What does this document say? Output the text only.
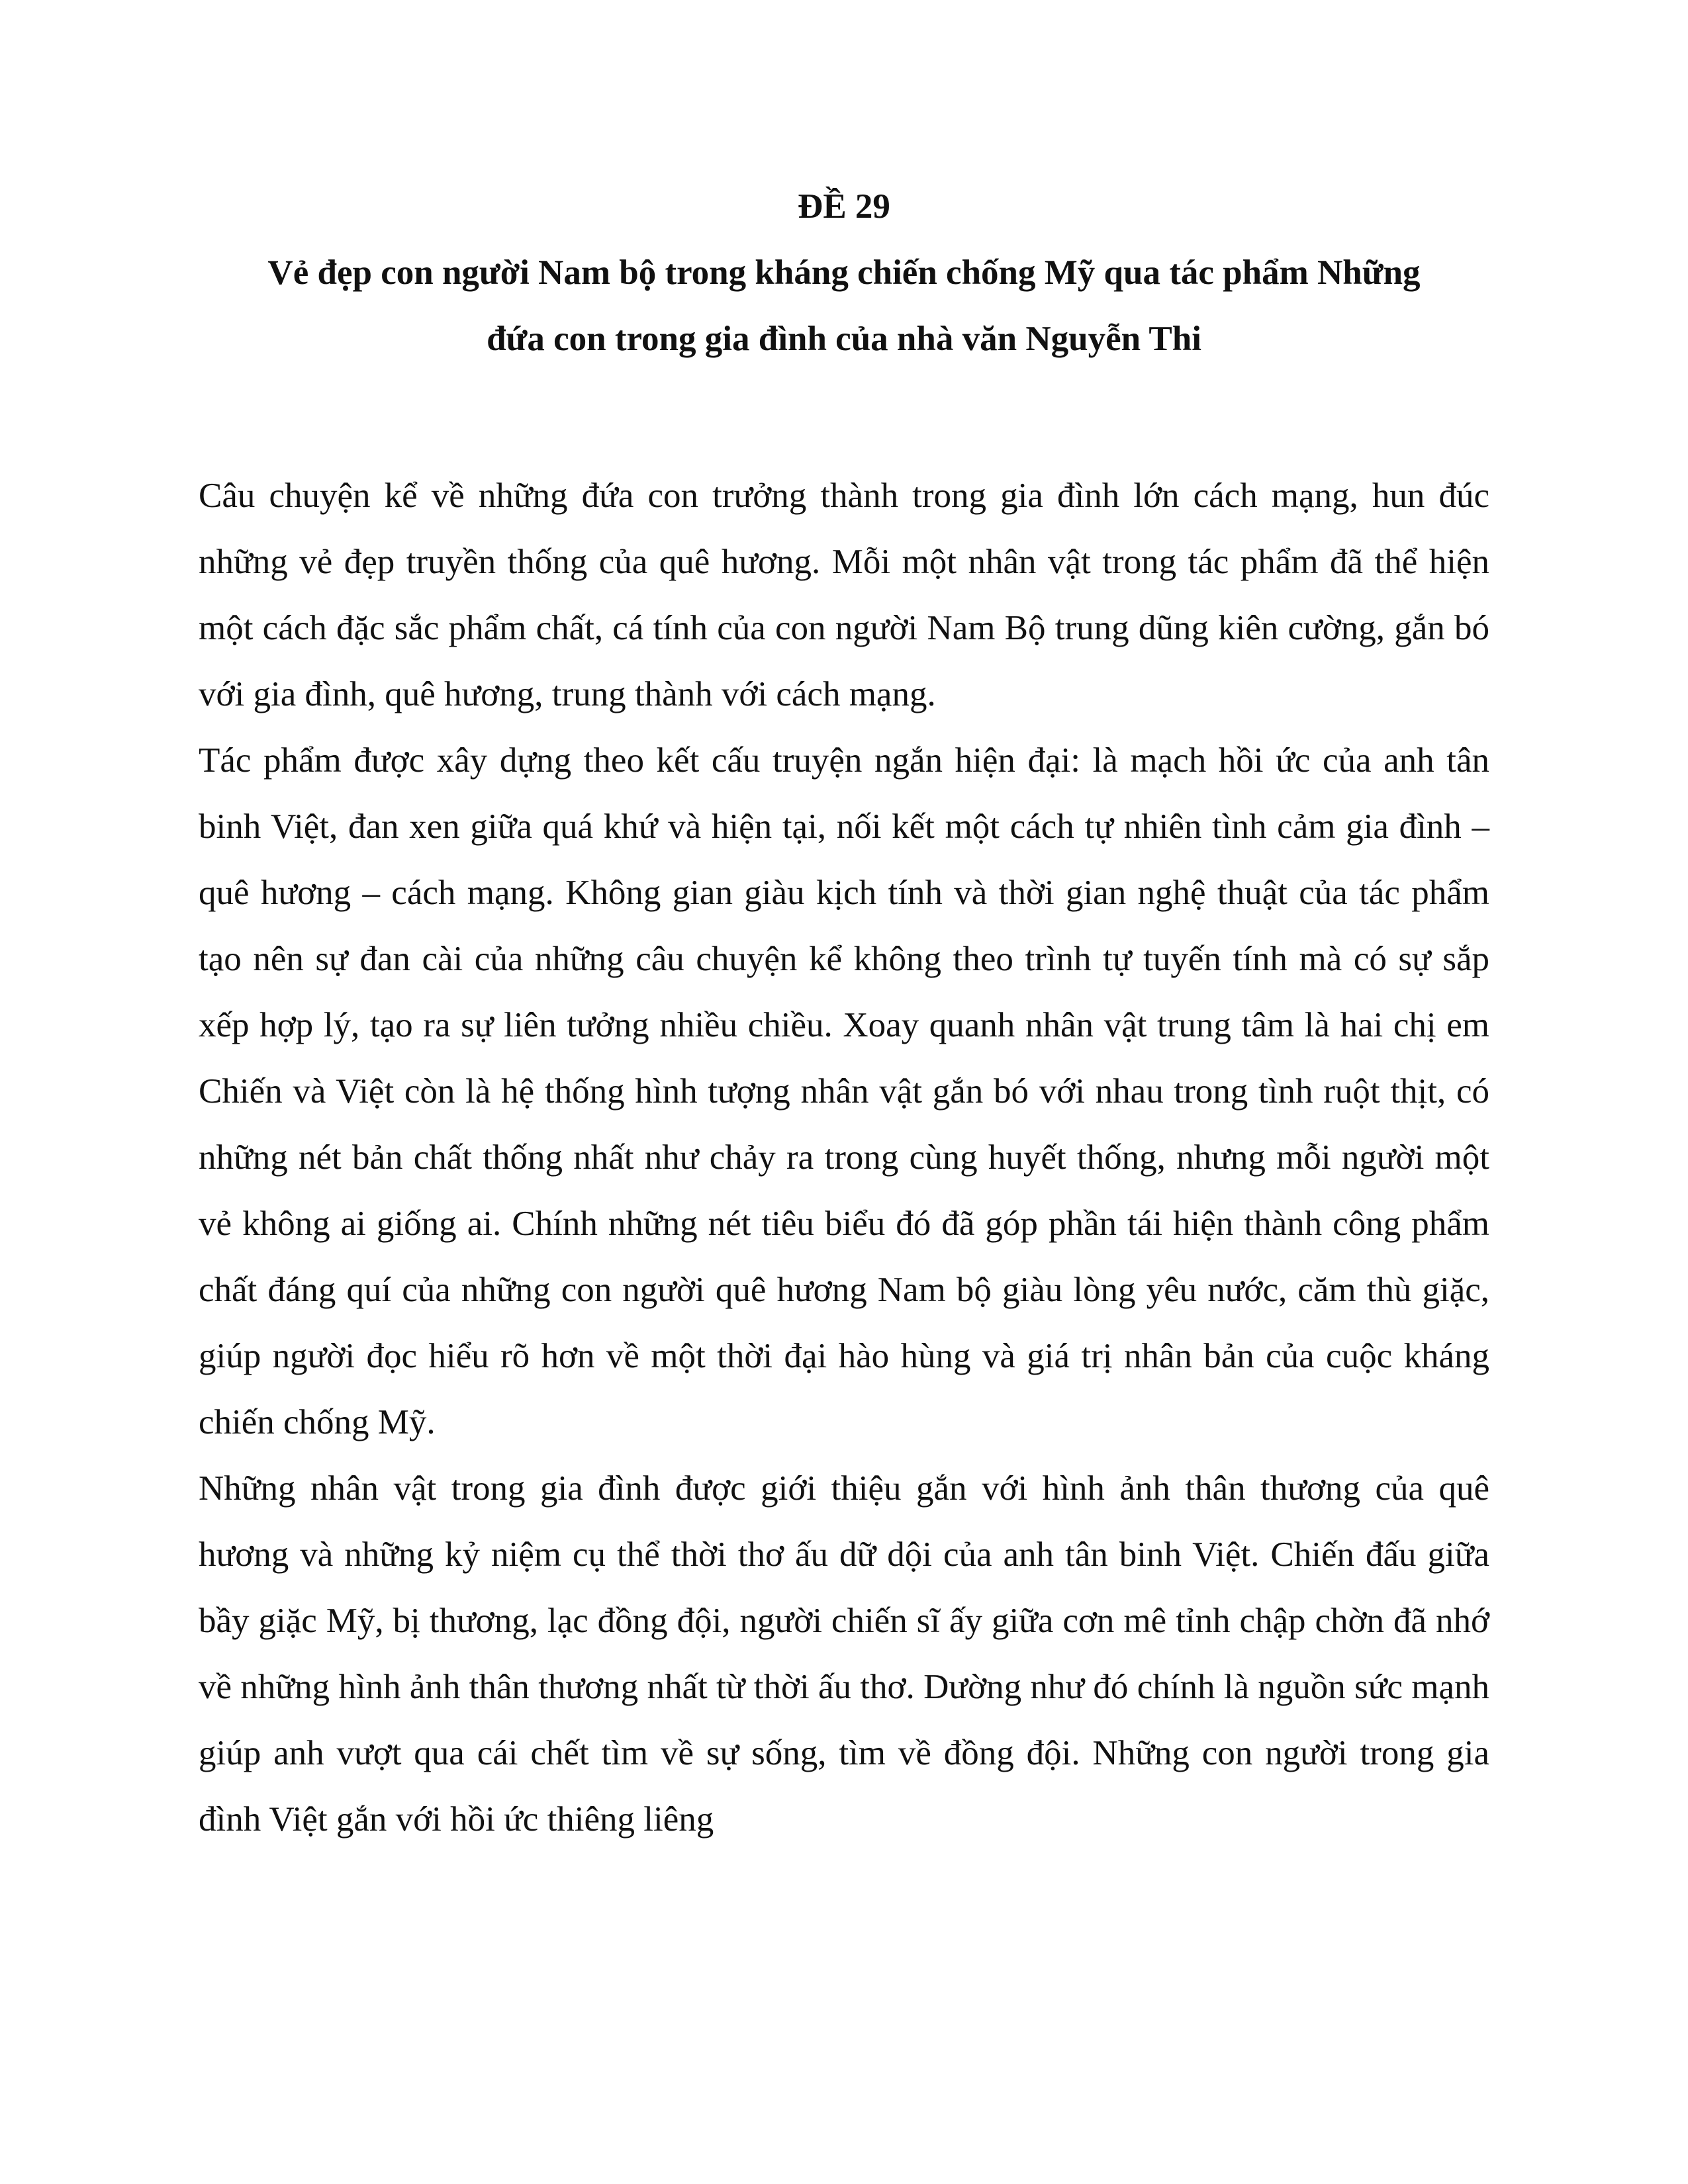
ĐỀ 29
Vẻ đẹp con người Nam bộ trong kháng chiến chống Mỹ qua tác phẩm Những
đứa con trong gia đình của nhà văn Nguyễn Thi

Câu chuyện kể về những đứa con trưởng thành trong gia đình lớn cách mạng, hun đúc những vẻ đẹp truyền thống của quê hương. Mỗi một nhân vật trong tác phẩm đã thể hiện một cách đặc sắc phẩm chất, cá tính của con người Nam Bộ trung dũng kiên cường, gắn bó với gia đình, quê hương, trung thành với cách mạng.

Tác phẩm được xây dựng theo kết cấu truyện ngắn hiện đại: là mạch hồi ức của anh tân binh Việt, đan xen giữa quá khứ và hiện tại, nối kết một cách tự nhiên tình cảm gia đình – quê hương – cách mạng. Không gian giàu kịch tính và thời gian nghệ thuật của tác phẩm tạo nên sự đan cài của những câu chuyện kể không theo trình tự tuyến tính mà có sự sắp xếp hợp lý, tạo ra sự liên tưởng nhiều chiều. Xoay quanh nhân vật trung tâm là hai chị em Chiến và Việt còn là hệ thống hình tượng nhân vật gắn bó với nhau trong tình ruột thịt, có những nét bản chất thống nhất như chảy ra trong cùng huyết thống, nhưng mỗi người một vẻ không ai giống ai. Chính những nét tiêu biểu đó đã góp phần tái hiện thành công phẩm chất đáng quí của những con người quê hương Nam bộ giàu lòng yêu nước, căm thù giặc, giúp người đọc hiểu rõ hơn về một thời đại hào hùng và giá trị nhân bản của cuộc kháng chiến chống Mỹ.

Những nhân vật trong gia đình được giới thiệu gắn với hình ảnh thân thương của quê hương và những kỷ niệm cụ thể thời thơ ấu dữ dội của anh tân binh Việt. Chiến đấu giữa bầy giặc Mỹ, bị thương, lạc đồng đội, người chiến sĩ ấy giữa cơn mê tỉnh chập chờn đã nhớ về những hình ảnh thân thương nhất từ thời ấu thơ. Dường như đó chính là nguồn sức mạnh giúp anh vượt qua cái chết tìm về sự sống, tìm về đồng đội. Những con người trong gia đình Việt gắn với hồi ức thiêng liêng
